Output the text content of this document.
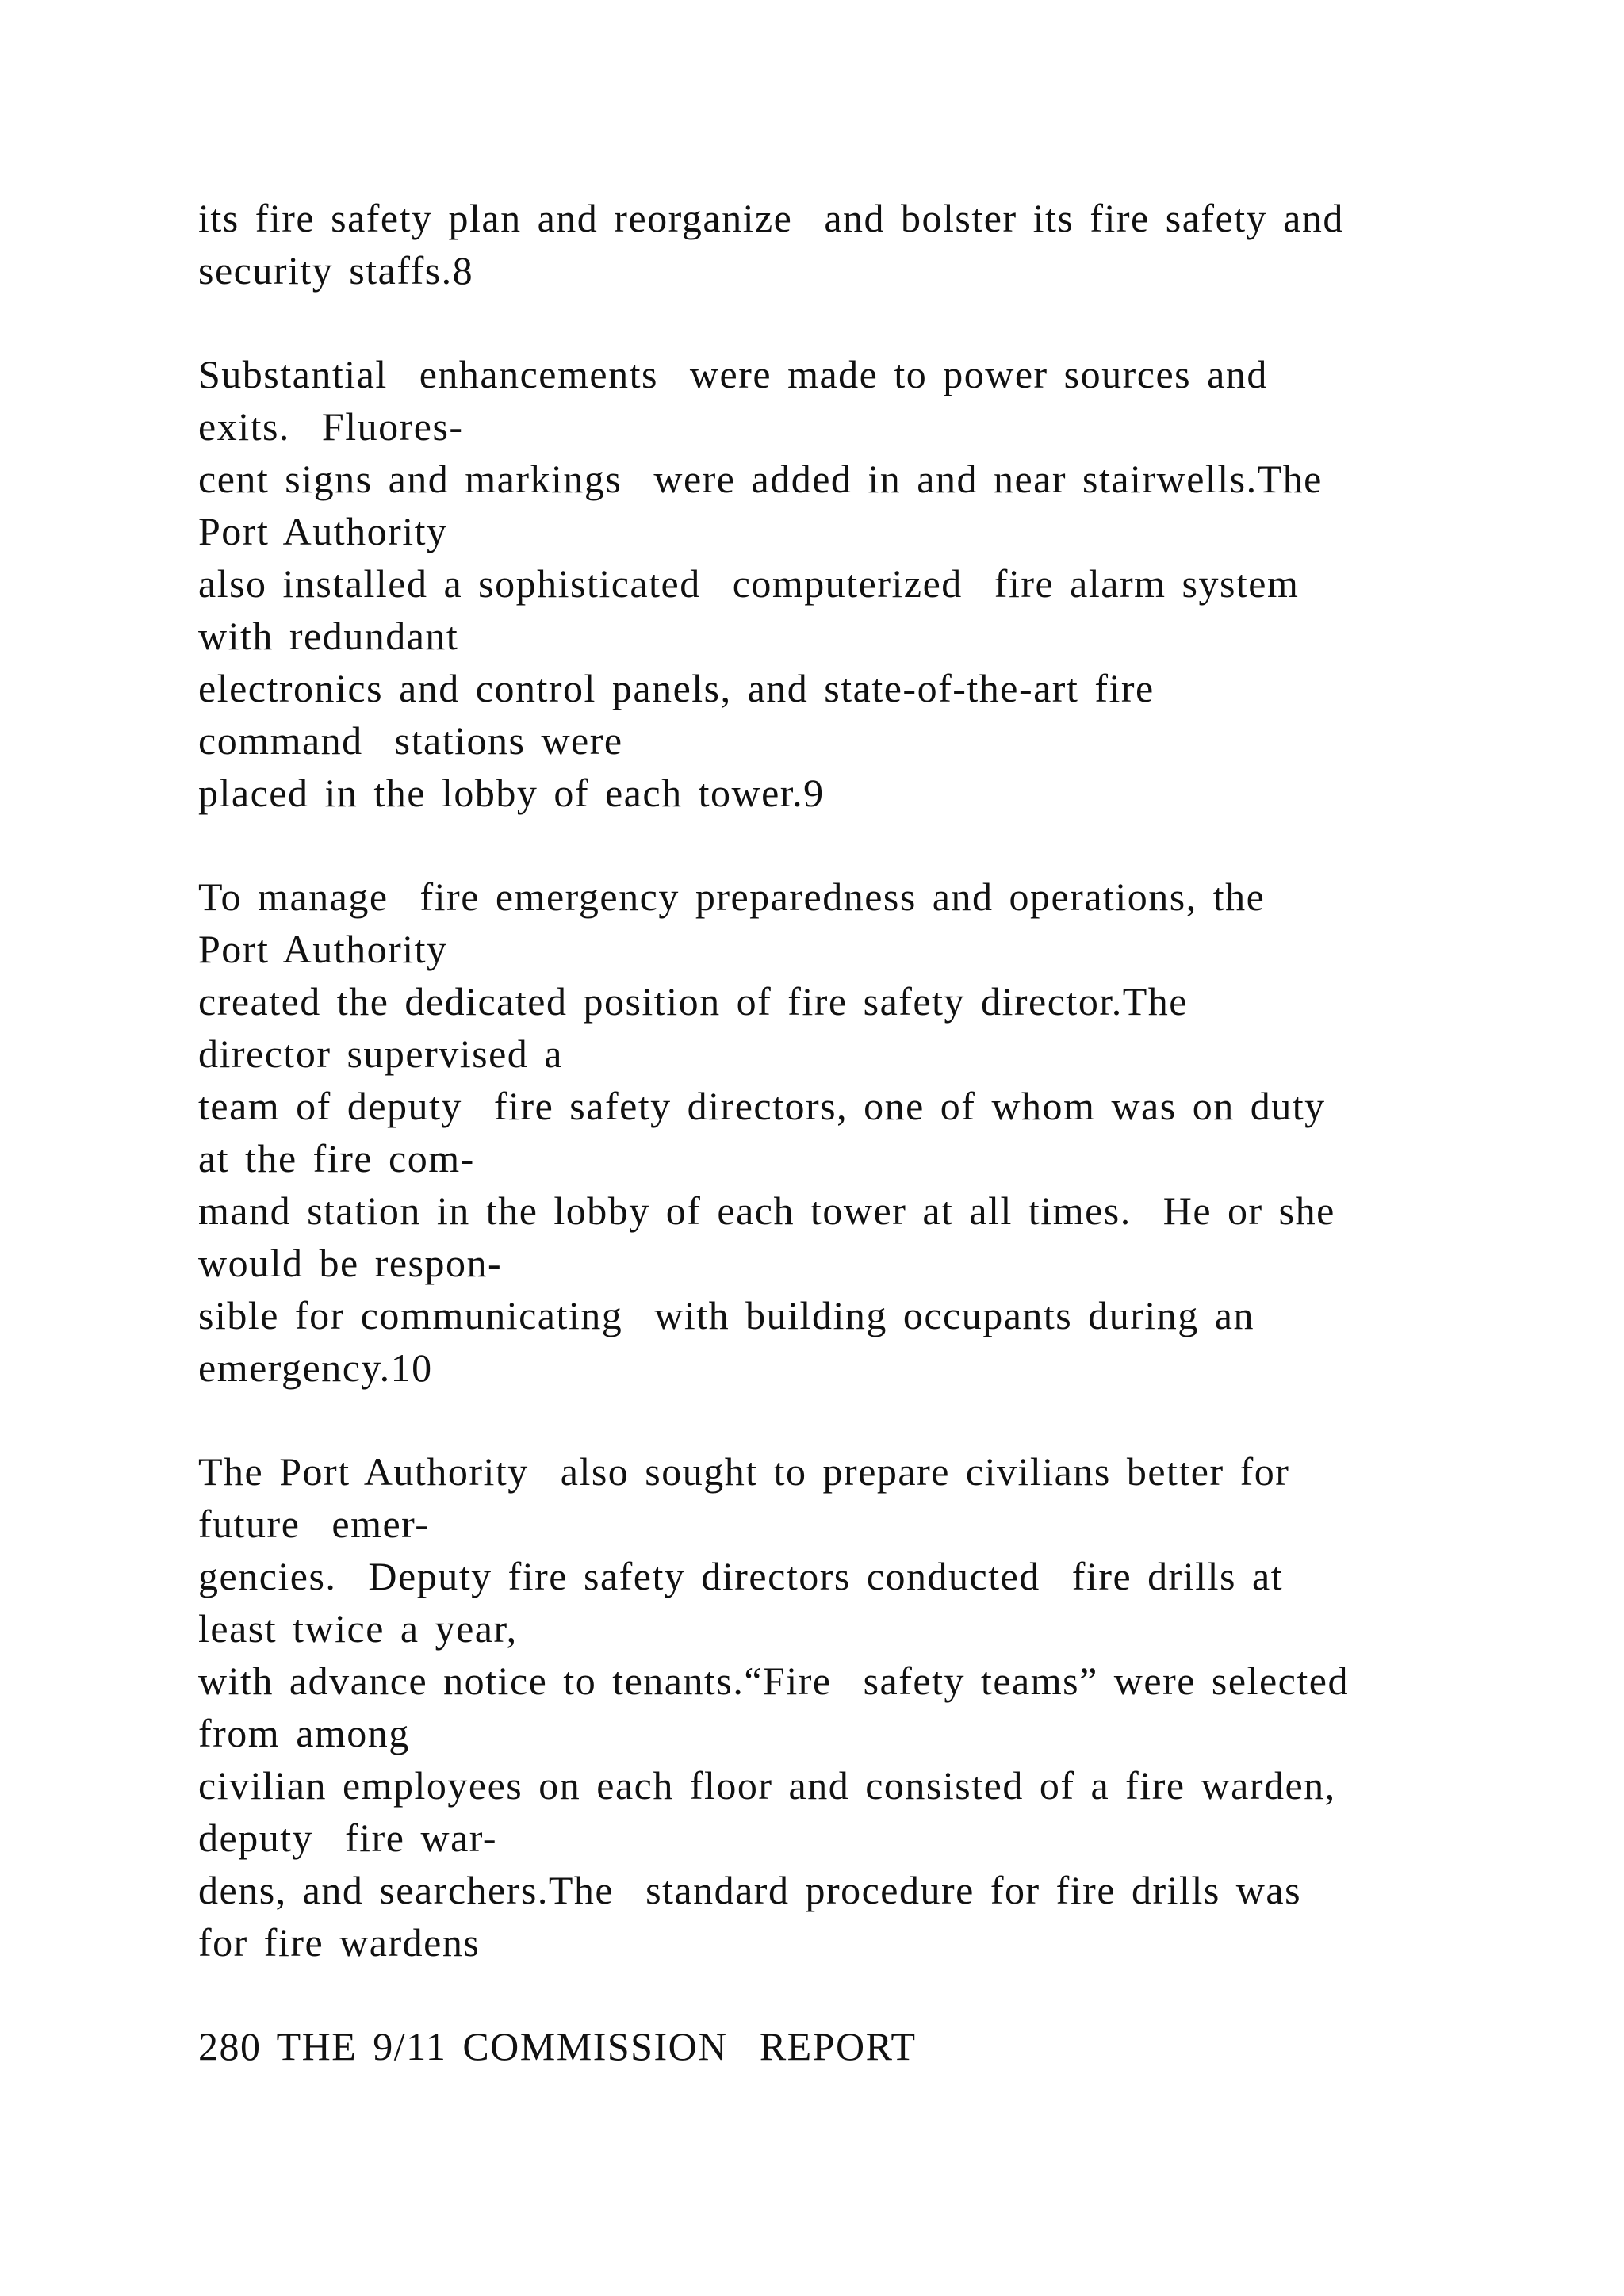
its fire safety plan and reorganize  and bolster its fire safety and
security staffs.8
Substantial  enhancements  were made to power sources and
exits.  Fluores-
cent signs and markings  were added in and near stairwells.The
Port Authority
also installed a sophisticated  computerized  fire alarm system
with redundant
electronics and control panels, and state-of-the-art fire
command  stations were
placed in the lobby of each tower.9
To manage  fire emergency preparedness and operations, the
Port Authority
created the dedicated position of fire safety director.The
director supervised a
team of deputy  fire safety directors, one of whom was on duty
at the fire com-
mand station in the lobby of each tower at all times.  He or she
would be respon-
sible for communicating  with building occupants during an
emergency.10
The Port Authority  also sought to prepare civilians better for
future  emer-
gencies.  Deputy fire safety directors conducted  fire drills at
least twice a year,
with advance notice to tenants.“Fire  safety teams” were selected
from among
civilian employees on each floor and consisted of a fire warden,
deputy  fire war-
dens, and searchers.The  standard procedure for fire drills was
for fire wardens
280 THE 9/11 COMMISSION  REPORT
